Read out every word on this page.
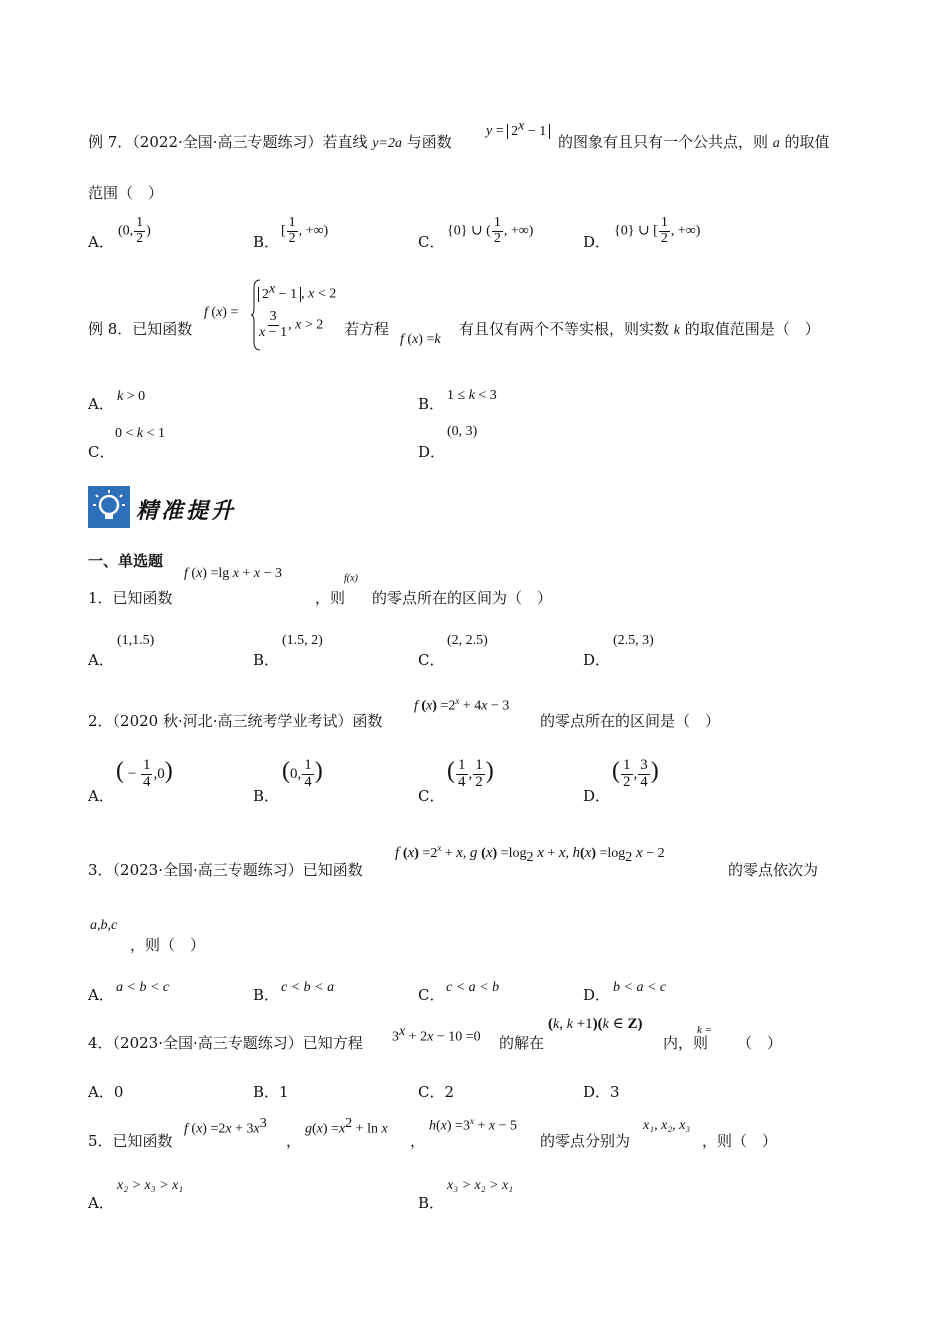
例 7．（2022·全国·高三专题练习）若直线 y=2a 与函数
$y = 2^x - 1$
的图象有且只有一个公共点，则 a 的取值
范围（　）
A．
(0, $\frac{1}{2}$ )
B．
[ $\frac{1}{2}$ , +∞)
C．
{0} ∪ ( $\frac{1}{2}$ , +∞)
D．
{0} ∪ [ $\frac{1}{2}$ , +∞)
例 8．已知函数
f (x) =
$2^x - 1$ , x < 2
$\frac{3}{x - 1}$ , x > 2 若方程
f (x) =k
有且仅有两个不等实根，则实数 k 的取值范围是（　）
A． k > 0	B． 1 ≤ k < 3
C．
0 < k < 1
D．
(0, 3)
精准提升
一、单选题
1．已知函数
f (x) =lg x + x − 3
，则
f(x)
的零点所在的区间为（　）
A．
(1,1.5)
B．
(1.5, 2)
C．
(2, 2.5)
D．
(2.5, 3)
2．（2020 秋·河北·高三统考学业考试）函数
f $(x) =2^x + 4x - 3$
的零点所在的区间是（　）
A．
( − $\frac{1}{4} ,0$)
B．
(0, $\frac{1}{4}$ )
C．
( $\frac{1}{4}$ , $\frac{1}{2}$ )
D．
( $\frac{1}{2}$ , $\frac{3}{4}$ )
3．（2023·全国·高三专题练习）已知函数
f $(x) =2^x + x$, g $(x) =\log_2$ x + x, $h(x) =\log_2$ x − 2
的零点依次为
a,b,c
，则（　）
A． a < b < c	B． c < b < a	C． c < a < b	D． b < a < c
4．（2023·全国·高三专题练习）已知方程 $3^x + 2x - 10 =0$ 的解在
(k, k +1)(k ∈ Z)
内，则
k =
（　）
A．0	B．1	C．2	D．3
5．已知函数
f $(x) =2x + 3x^3$
，
$g(x) =x^2 + \ln x$
，
$h(x) =3^x + x - 5$
的零点分别为
x₁, x₂, x₃
，则（　）
A．
x₂ > x₃ > x₁
B．
x₃ > x₂ > x₁
